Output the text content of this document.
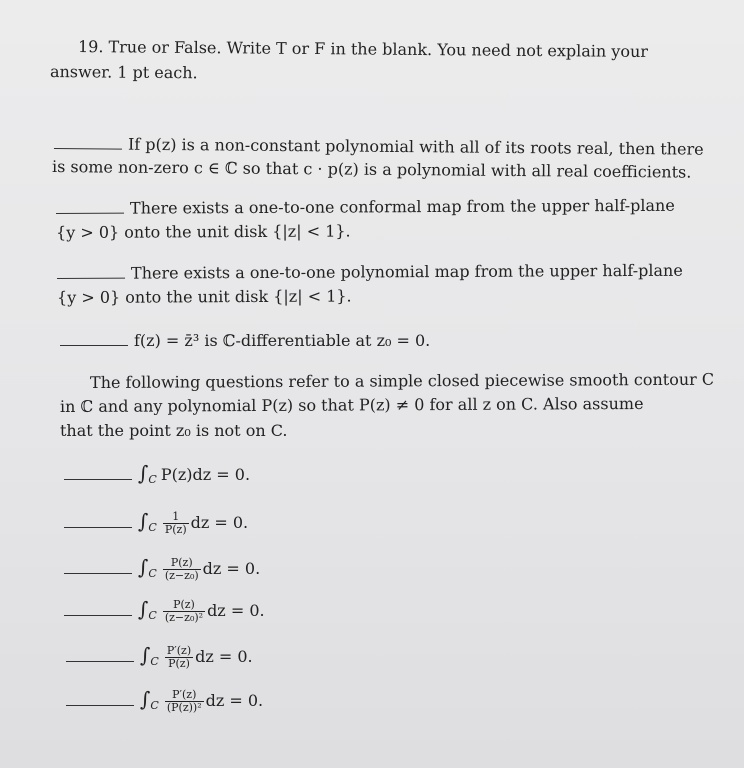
19. True or False. Write T or F in the blank. You need not explain your
answer. 1 pt each.
If p(z) is a non-constant polynomial with all of its roots real, then there
is some non-zero c ∈ ℂ so that c · p(z) is a polynomial with all real coefficients.
There exists a one-to-one conformal map from the upper half-plane
{y > 0} onto the unit disk {|z| < 1}.
There exists a one-to-one polynomial map from the upper half-plane
{y > 0} onto the unit disk {|z| < 1}.
f(z) = z̄³ is ℂ-differentiable at z₀ = 0.
The following questions refer to a simple closed piecewise smooth contour C
in ℂ and any polynomial P(z) so that P(z) ≠ 0 for all z on C. Also assume
that the point z₀ is not on C.
$\int_C$ P(z)dz = 0.
$\int_C \frac{1}{P(z)}$ dz = 0.
$\int_C \frac{P(z)}{\text{(z−z₀)}}$ dz = 0.
$\int_C \frac{P(z)}{\text{(z−z₀)²}}$ dz = 0.
$\int_C \frac{P'(z)}{P(z)}$ dz = 0.
$\int_C \frac{P'(z)}{\text{(P(z))²}}$ dz = 0.
